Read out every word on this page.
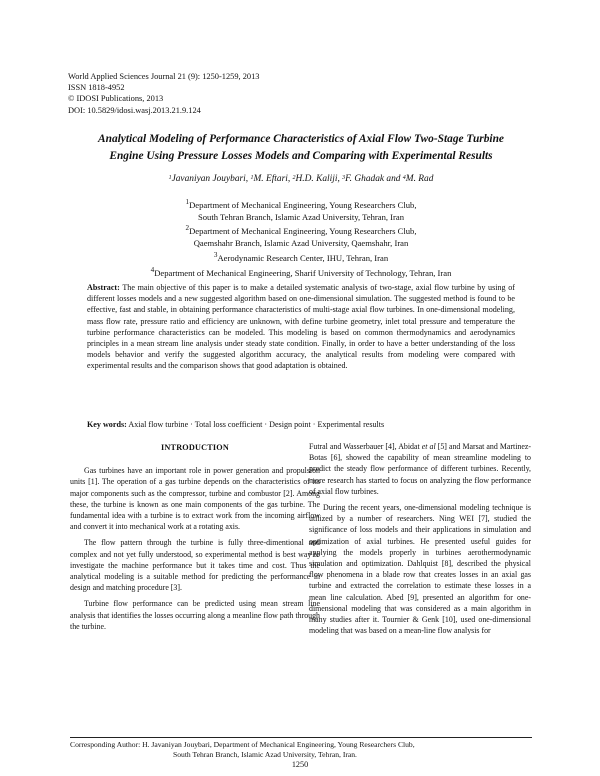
World Applied Sciences Journal 21 (9): 1250-1259, 2013
ISSN 1818-4952
© IDOSI Publications, 2013
DOI: 10.5829/idosi.wasj.2013.21.9.124
Analytical Modeling of Performance Characteristics of Axial Flow Two-Stage Turbine
Engine Using Pressure Losses Models and Comparing with Experimental Results
$^1$Javaniyan Jouybari, $^1$M. Eftari, $^2$H.D. Kaliji, $^3$F. Ghadak and $^4$M. Rad
$^1$Department of Mechanical Engineering, Young Researchers Club,
South Tehran Branch, Islamic Azad University, Tehran, Iran
$^2$Department of Mechanical Engineering, Young Researchers Club,
Qaemshahr Branch, Islamic Azad University, Qaemshahr, Iran
$^3$Aerodynamic Research Center, IHU, Tehran, Iran
$^4$Department of Mechanical Engineering, Sharif University of Technology, Tehran, Iran
Abstract: The main objective of this paper is to make a detailed systematic analysis of two-stage, axial flow turbine by using of different losses models and a new suggested algorithm based on one-dimensional simulation. The suggested method is found to be effective, fast and stable, in obtaining performance characteristics of multi-stage axial flow turbines. In one-dimensional modeling, mass flow rate, pressure ratio and efficiency are unknown, with define turbine geometry, inlet total pressure and temperature the turbine performance characteristics can be modeled. This modeling is based on common thermodynamics and aerodynamics principles in a mean stream line analysis under steady state condition. Finally, in order to have a better understanding of the loss models behavior and verify the suggested algorithm accuracy, the analytical results from modeling were compared with experimental results and the comparison shows that good adaptation is obtained.
Key words: Axial flow turbine · Total loss coefficient · Design point · Experimental results
INTRODUCTION

Gas turbines have an important role in power generation and propulsion units [1]. The operation of a gas turbine depends on the characteristics of its major components such as the compressor, turbine and combustor [2]. Among these, the turbine is known as one main components of the gas turbine. The fundamental idea with a turbine is to extract work from the incoming airflow and convert it into mechanical work at a rotating axis.

The flow pattern through the turbine is fully three-dimentional and complex and not yet fully understood, so experimental method is best way to investigate the machine performance but it takes time and cost. Thus the analytical modeling is a suitable method for predicting the performance in design and matching procedure [3].

Turbine flow performance can be predicted using mean stream line analysis that identifies the losses occurring along a meanline flow path through the turbine.

Futral and Wasserbauer [4], Abidat et al [5] and Marsat and Martinez-Botas [6], showed the capability of mean streamline modeling to predict the steady flow performance of different turbines. Recently, more research has started to focus on analyzing the flow performance of axial flow turbines.

During the recent years, one-dimensional modeling technique is utilized by a number of researchers. Ning WEI [7], studied the significance of loss models and their applications in simulation and optimization of axial turbines. He presented useful guides for applying the models properly in turbines aerothermodynamic simulation and optimization. Dahlquist [8], described the physical flow phenomena in a blade row that creates losses in an axial gas turbine and extracted the correlation to estimate these losses in a mean line calculation. Abed [9], presented an algorithm for one-dimensional modeling that was considered as a main algorithm in many studies after it. Tournier & Genk [10], used one-dimensional modeling that was based on a mean-line flow analysis for

Corresponding Author: H. Javaniyan Jouybari, Department of Mechanical Engineering, Young Researchers Club,
South Tehran Branch, Islamic Azad University, Tehran, Iran.
1250
